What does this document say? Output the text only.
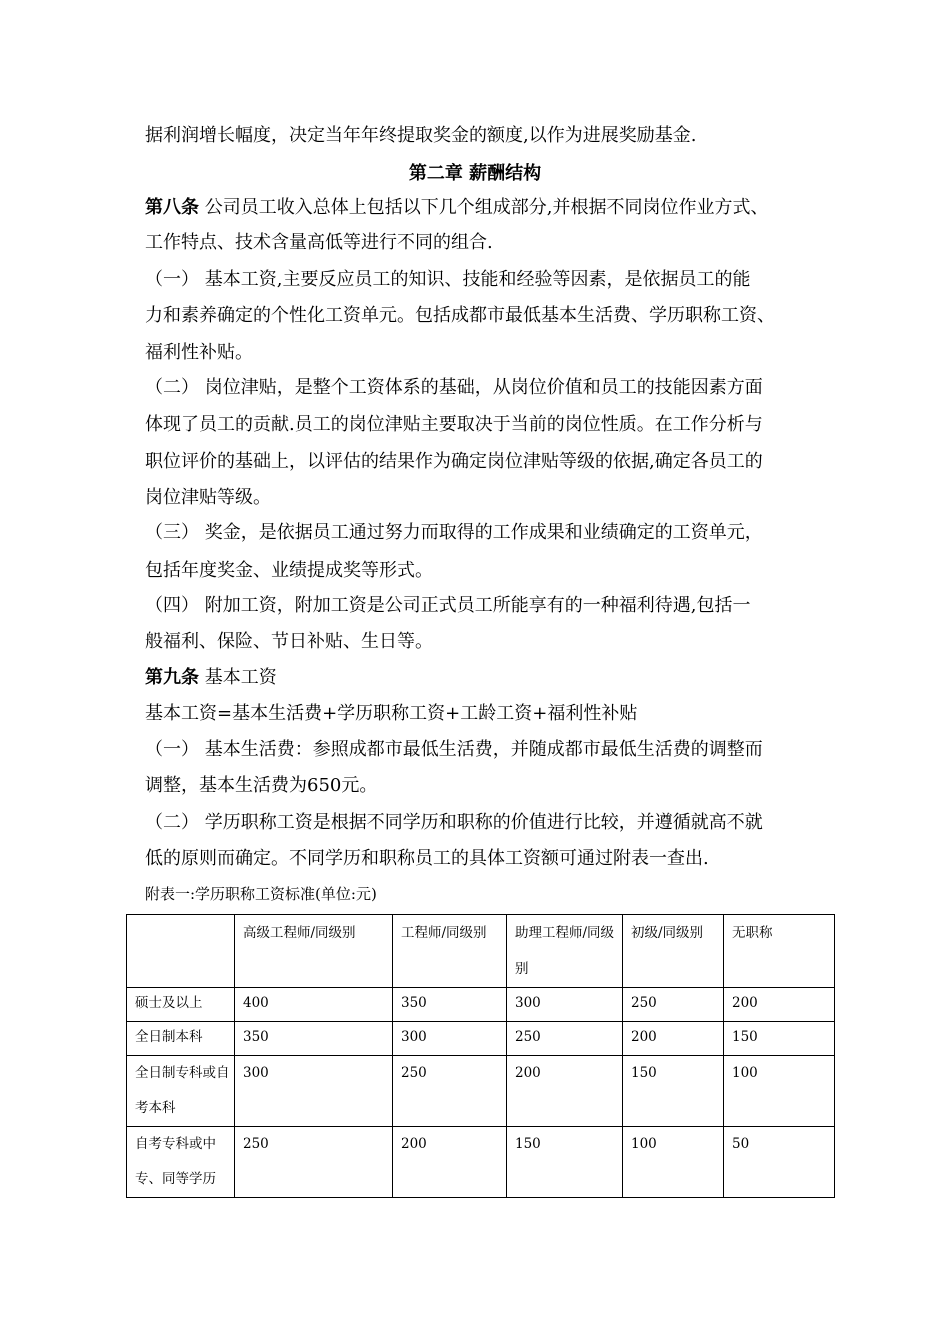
据利润增长幅度，决定当年年终提取奖金的额度,以作为进展奖励基金.
第二章 薪酬结构
第八条 公司员工收入总体上包括以下几个组成部分,并根据不同岗位作业方式、
工作特点、技术含量高低等进行不同的组合.
（一） 基本工资,主要反应员工的知识、技能和经验等因素，是依据员工的能
力和素养确定的个性化工资单元。包括成都市最低基本生活费、学历职称工资、
福利性补贴。
（二） 岗位津贴，是整个工资体系的基础，从岗位价值和员工的技能因素方面
体现了员工的贡献.员工的岗位津贴主要取决于当前的岗位性质。在工作分析与
职位评价的基础上，以评估的结果作为确定岗位津贴等级的依据,确定各员工的
岗位津贴等级。
（三） 奖金，是依据员工通过努力而取得的工作成果和业绩确定的工资单元，
包括年度奖金、业绩提成奖等形式。
（四） 附加工资，附加工资是公司正式员工所能享有的一种福利待遇,包括一
般福利、保险、节日补贴、生日等。
第九条 基本工资
基本工资=基本生活费+学历职称工资+工龄工资+福利性补贴
（一） 基本生活费：参照成都市最低生活费，并随成都市最低生活费的调整而
调整，基本生活费为650元。
（二） 学历职称工资是根据不同学历和职称的价值进行比较，并遵循就高不就
低的原则而确定。不同学历和职称员工的具体工资额可通过附表一查出.
附表一:学历职称工资标准(单位:元)
	高级工程师/同级别	工程师/同级别	助理工程师/同级别	初级/同级别	无职称
硕士及以上	400	350	300	250	200
全日制本科	350	300	250	200	150
全日制专科或自考本科	300	250	200	150	100
自考专科或中专、同等学历	250	200	150	100	50
